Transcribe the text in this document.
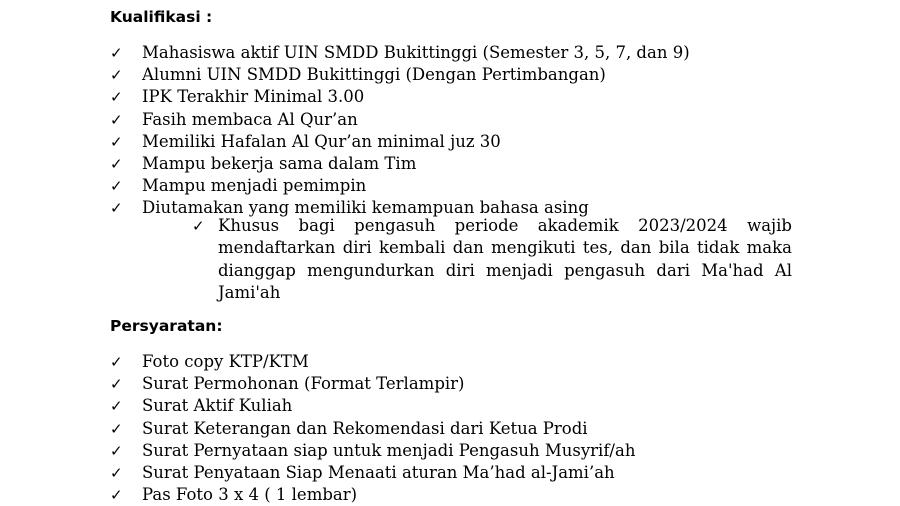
Kualifikasi :
✓ Mahasiswa aktif UIN SMDD Bukittinggi (Semester 3, 5, 7, dan 9)
✓ Alumni UIN SMDD Bukittinggi (Dengan Pertimbangan)
✓ IPK Terakhir Minimal 3.00
✓ Fasih membaca Al Qur’an
✓ Memiliki Hafalan Al Qur’an minimal juz 30
✓ Mampu bekerja sama dalam Tim
✓ Mampu menjadi pemimpin
✓ Diutamakan yang memiliki kemampuan bahasa asing
✓ Khusus bagi pengasuh periode akademik 2023/2024 wajib mendaftarkan diri kembali dan mengikuti tes, dan bila tidak maka dianggap mengundurkan diri menjadi pengasuh dari Ma'had Al Jami'ah
Persyaratan:
✓ Foto copy KTP/KTM
✓ Surat Permohonan (Format Terlampir)
✓ Surat Aktif Kuliah
✓ Surat Keterangan dan Rekomendasi dari Ketua Prodi
✓ Surat Pernyataan siap untuk menjadi Pengasuh Musyrif/ah
✓ Surat Penyataan Siap Menaati aturan Ma’had al-Jami’ah
✓ Pas Foto 3 x 4 ( 1 lembar)
